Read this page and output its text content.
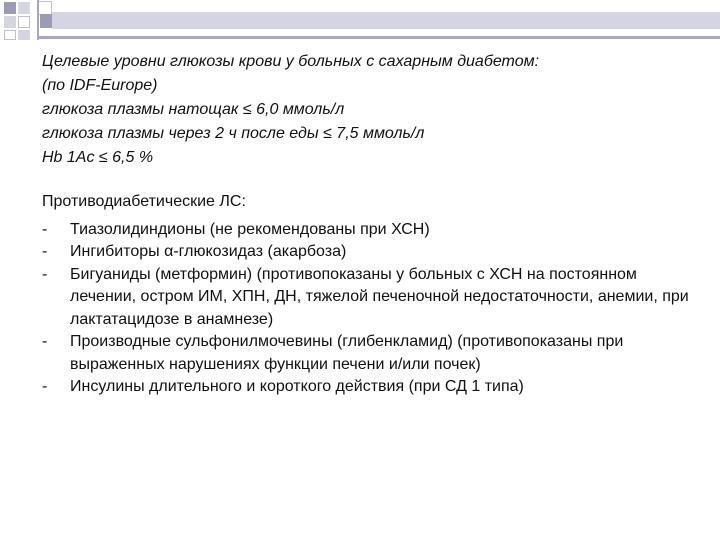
Целевые уровни глюкозы крови у больных с сахарным диабетом:
(по IDF-Europe)
глюкоза плазмы натощак ≤ 6,0 ммоль/л
глюкоза плазмы через 2 ч после еды ≤ 7,5 ммоль/л
Hb 1Ac ≤ 6,5 %
Противодиабетические ЛС:
-	Тиазолидиндионы (не рекомендованы при ХСН)
-	Ингибиторы α-глюкозидаз (акарбоза)
-	Бигуаниды (метформин) (противопоказаны у больных с ХСН на постоянном лечении, остром ИМ, ХПН, ДН, тяжелой печеночной недостаточности, анемии, при лактатацидозе в анамнезе)
-	Производные сульфонилмочевины (глибенкламид) (противопоказаны при выраженных нарушениях функции печени и/или почек)
-	Инсулины длительного и короткого действия (при СД 1 типа)
